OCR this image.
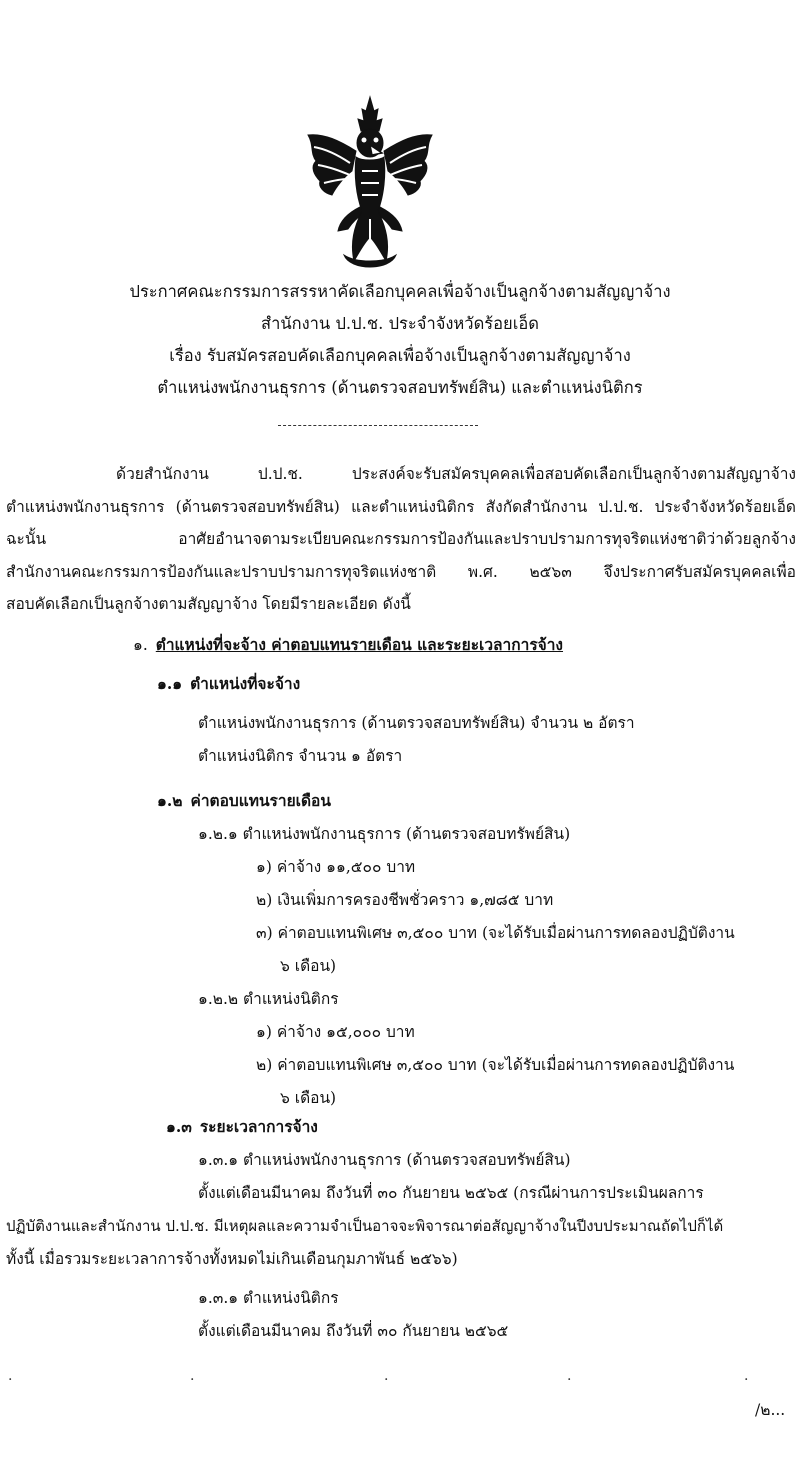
ประกาศคณะกรรมการสรรหาคัดเลือกบุคคลเพื่อจ้างเป็นลูกจ้างตามสัญญาจ้าง
สำนักงาน ป.ป.ช. ประจำจังหวัดร้อยเอ็ด
เรื่อง รับสมัครสอบคัดเลือกบุคคลเพื่อจ้างเป็นลูกจ้างตามสัญญาจ้าง
ตำแหน่งพนักงานธุรการ (ด้านตรวจสอบทรัพย์สิน) และตำแหน่งนิติกร
ด้วยสำนักงาน ป.ป.ช. ประสงค์จะรับสมัครบุคคลเพื่อสอบคัดเลือกเป็นลูกจ้างตามสัญญาจ้าง
ตำแหน่งพนักงานธุรการ (ด้านตรวจสอบทรัพย์สิน) และตำแหน่งนิติกร สังกัดสำนักงาน ป.ป.ช. ประจำจังหวัดร้อยเอ็ด
ฉะนั้น อาศัยอำนาจตามระเบียบคณะกรรมการป้องกันและปราบปรามการทุจริตแห่งชาติว่าด้วยลูกจ้าง
สำนักงานคณะกรรมการป้องกันและปราบปรามการทุจริตแห่งชาติ พ.ศ. ๒๕๖๓ จึงประกาศรับสมัครบุคคลเพื่อ
สอบคัดเลือกเป็นลูกจ้างตามสัญญาจ้าง โดยมีรายละเอียด ดังนี้
๑. ตำแหน่งที่จะจ้าง ค่าตอบแทนรายเดือน และระยะเวลาการจ้าง
๑.๑ ตำแหน่งที่จะจ้าง
ตำแหน่งพนักงานธุรการ (ด้านตรวจสอบทรัพย์สิน) จำนวน ๒ อัตรา
ตำแหน่งนิติกร จำนวน ๑ อัตรา
๑.๒ ค่าตอบแทนรายเดือน
๑.๒.๑ ตำแหน่งพนักงานธุรการ (ด้านตรวจสอบทรัพย์สิน)
๑) ค่าจ้าง ๑๑,๕๐๐ บาท
๒) เงินเพิ่มการครองชีพชั่วคราว ๑,๗๘๕ บาท
๓) ค่าตอบแทนพิเศษ ๓,๕๐๐ บาท (จะได้รับเมื่อผ่านการทดลองปฏิบัติงาน
๖ เดือน)
๑.๒.๒ ตำแหน่งนิติกร
๑) ค่าจ้าง ๑๕,๐๐๐ บาท
๒) ค่าตอบแทนพิเศษ ๓,๕๐๐ บาท (จะได้รับเมื่อผ่านการทดลองปฏิบัติงาน
๖ เดือน)
๑.๓ ระยะเวลาการจ้าง
๑.๓.๑ ตำแหน่งพนักงานธุรการ (ด้านตรวจสอบทรัพย์สิน)
ตั้งแต่เดือนมีนาคม ถึงวันที่ ๓๐ กันยายน ๒๕๖๕ (กรณีผ่านการประเมินผลการ
ปฏิบัติงานและสำนักงาน ป.ป.ช. มีเหตุผลและความจำเป็นอาจจะพิจารณาต่อสัญญาจ้างในปีงบประมาณถัดไปก็ได้
ทั้งนี้ เมื่อรวมระยะเวลาการจ้างทั้งหมดไม่เกินเดือนกุมภาพันธ์ ๒๕๖๖)
๑.๓.๑ ตำแหน่งนิติกร
ตั้งแต่เดือนมีนาคม ถึงวันที่ ๓๐ กันยายน ๒๕๖๕
.	.	.	.	.
/๒...
